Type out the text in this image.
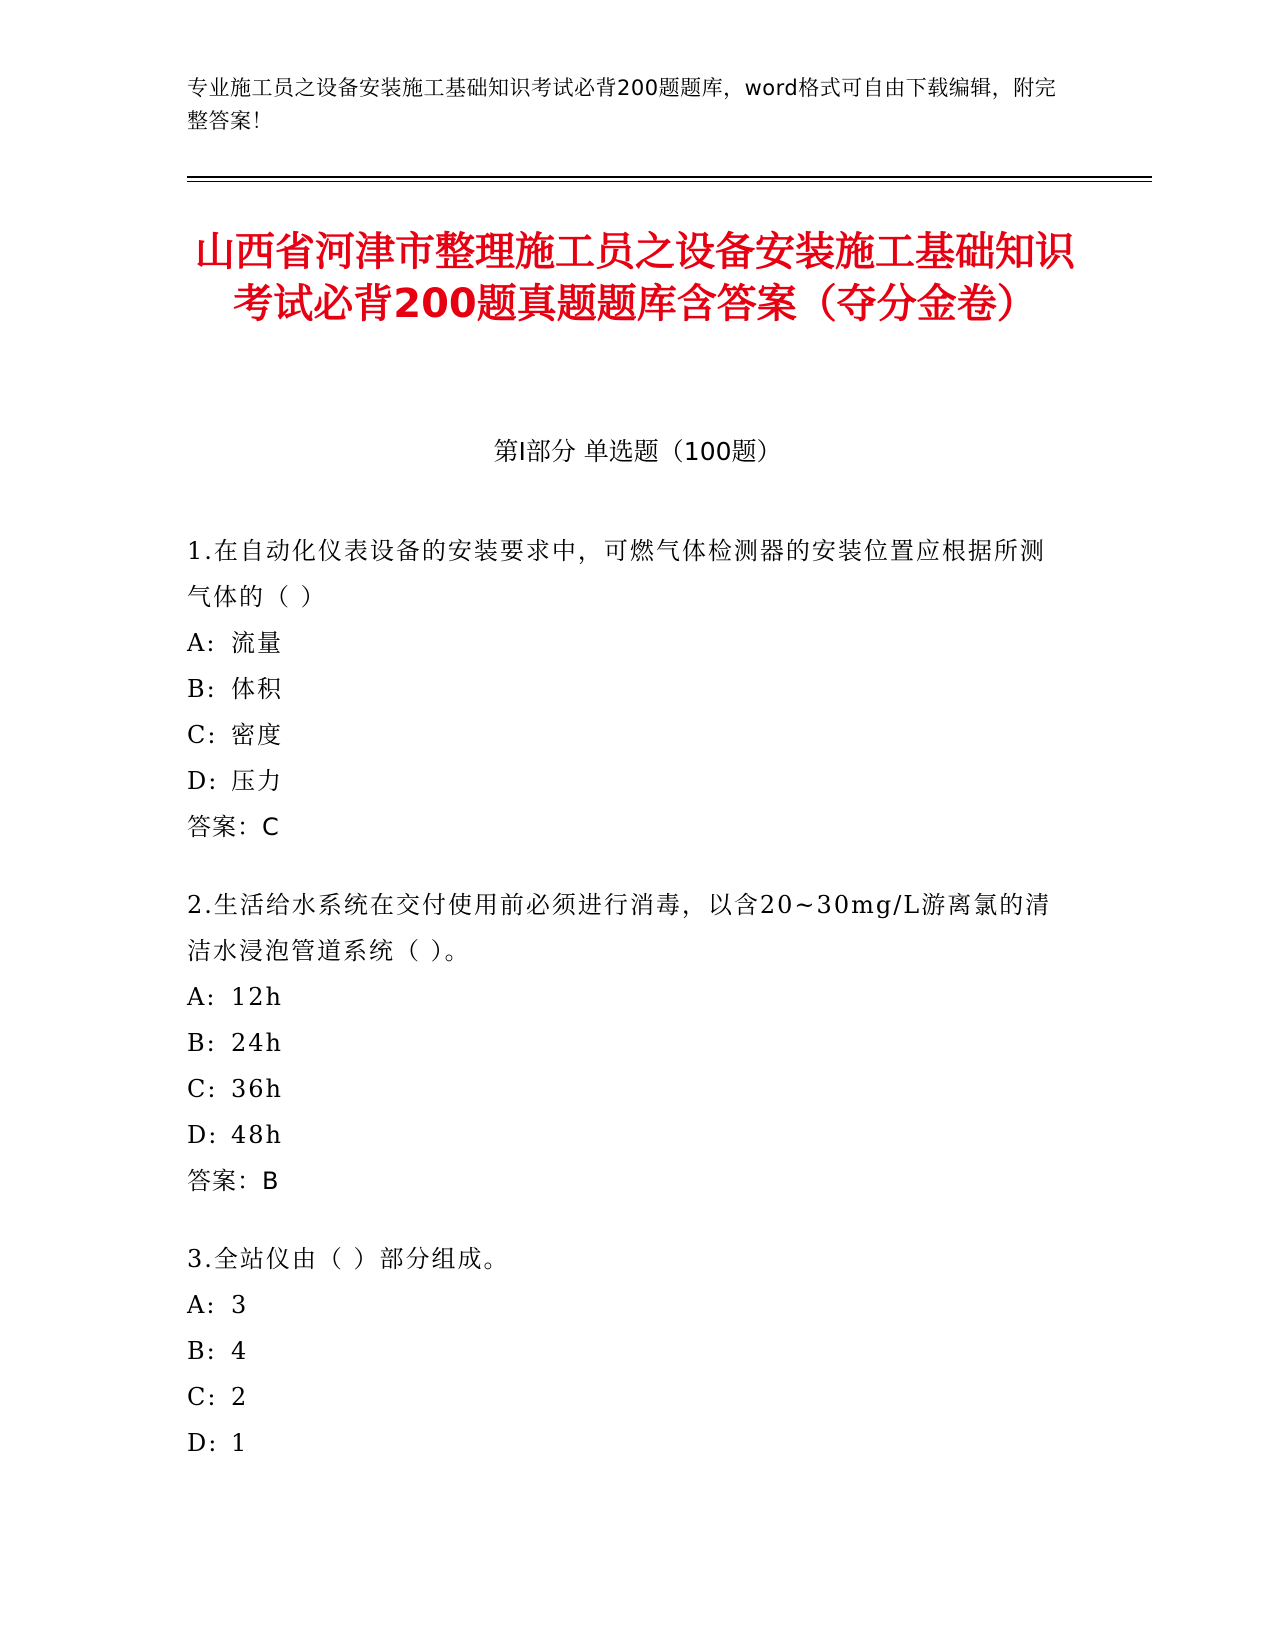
专业施工员之设备安装施工基础知识考试必背200题题库，word格式可自由下载编辑，附完整答案！
山西省河津市整理施工员之设备安装施工基础知识考试必背200题真题题库含答案（夺分金卷）
第Ⅰ部分 单选题（100题）
1.在自动化仪表设备的安装要求中，可燃气体检测器的安装位置应根据所测气体的（ ）
A: 流量
B: 体积
C: 密度
D: 压力
答案：C
2.生活给水系统在交付使用前必须进行消毒，以含20~30mg/L游离氯的清洁水浸泡管道系统（ ）。
A: 12h
B: 24h
C: 36h
D: 48h
答案：B
3.全站仪由（ ）部分组成。
A: 3
B: 4
C: 2
D: 1
